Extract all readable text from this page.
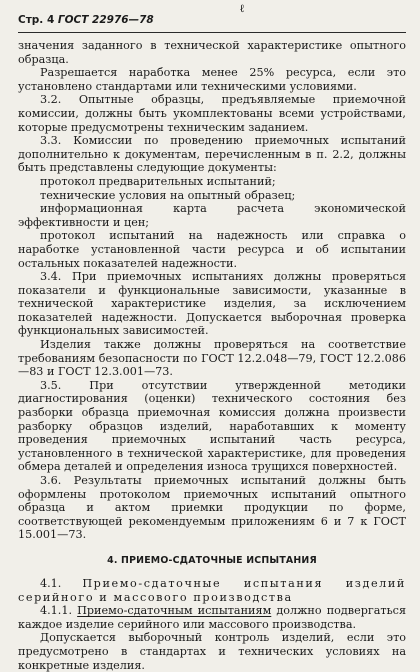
Стр. 4 ГОСТ 22976—78
ℓ

значения заданного в технической характеристике опытного образца.

Разрешается наработка менее 25% ресурса, если это установлено стандартами или техническими условиями.

3.2. Опытные образцы, предъявляемые приемочной комиссии, должны быть укомплектованы всеми устройствами, которые предусмотрены техническим заданием.

3.3. Комиссии по проведению приемочных испытаний дополнительно к документам, перечисленным в п. 2.2, должны быть представлены следующие документы:

протокол предварительных испытаний;

технические условия на опытный образец;

информационная карта расчета экономической эффективности и цен;

протокол испытаний на надежность или справка о наработке установленной части ресурса и об испытании остальных показателей надежности.

3.4. При приемочных испытаниях должны проверяться показатели и функциональные зависимости, указанные в технической характеристике изделия, за исключением показателей надежности. Допускается выборочная проверка функциональных зависимостей.

Изделия также должны проверяться на соответствие требованиям безопасности по ГОСТ 12.2.048—79, ГОСТ 12.2.086—83 и ГОСТ 12.3.001—73.

3.5. При отсутствии утвержденной методики диагностирования (оценки) технического состояния без разборки образца приемочная комиссия должна произвести разборку образцов изделий, наработавших к моменту проведения приемочных испытаний часть ресурса, установленного в технической характеристике, для проведения обмера деталей и определения износа трущихся поверхностей.

3.6. Результаты приемочных испытаний должны быть оформлены протоколом приемочных испытаний опытного образца и актом приемки продукции по форме, соответствующей рекомендуемым приложениям 6 и 7 к ГОСТ 15.001—73.

4. ПРИЕМО-СДАТОЧНЫЕ ИСПЫТАНИЯ

4.1. Приемо-сдаточные испытания изделий серийного и массового производства

4.1.1. Приемо-сдаточным испытаниям должно подвергаться каждое изделие серийного или массового производства.

Допускается выборочный контроль изделий, если это предусмотрено в стандартах и технических условиях на конкретные изделия.
